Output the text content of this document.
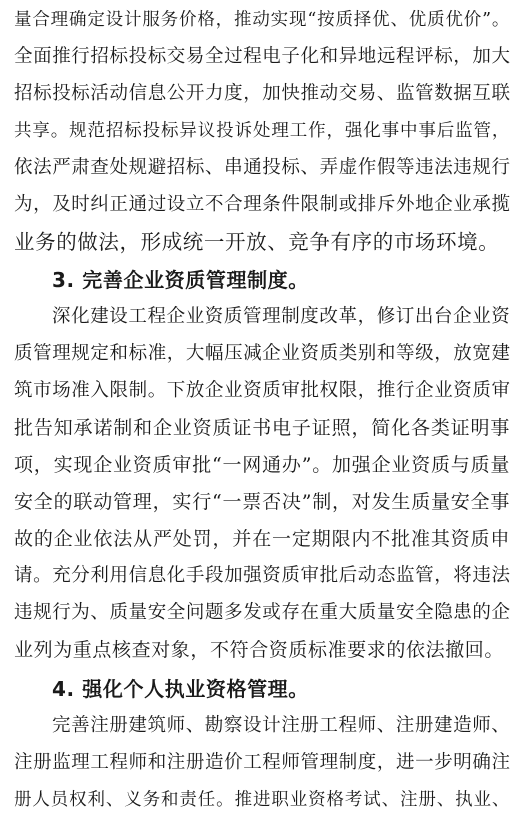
量合理确定设计服务价格，推动实现“按质择优、优质优价”。
全面推行招标投标交易全过程电子化和异地远程评标，加大
招标投标活动信息公开力度，加快推动交易、监管数据互联
共享。规范招标投标异议投诉处理工作，强化事中事后监管，
依法严肃查处规避招标、串通投标、弄虚作假等违法违规行
为，及时纠正通过设立不合理条件限制或排斥外地企业承揽
业务的做法，形成统一开放、竞争有序的市场环境。
3. 完善企业资质管理制度。
深化建设工程企业资质管理制度改革，修订出台企业资
质管理规定和标准，大幅压减企业资质类别和等级，放宽建
筑市场准入限制。下放企业资质审批权限，推行企业资质审
批告知承诺制和企业资质证书电子证照，简化各类证明事
项，实现企业资质审批“一网通办”。加强企业资质与质量
安全的联动管理，实行“一票否决”制，对发生质量安全事
故的企业依法从严处罚，并在一定期限内不批准其资质申
请。充分利用信息化手段加强资质审批后动态监管，将违法
违规行为、质量安全问题多发或存在重大质量安全隐患的企
业列为重点核查对象，不符合资质标准要求的依法撤回。
4. 强化个人执业资格管理。
完善注册建筑师、勘察设计注册工程师、注册建造师、
注册监理工程师和注册造价工程师管理制度，进一步明确注
册人员权利、义务和责任。推进职业资格考试、注册、执业、
